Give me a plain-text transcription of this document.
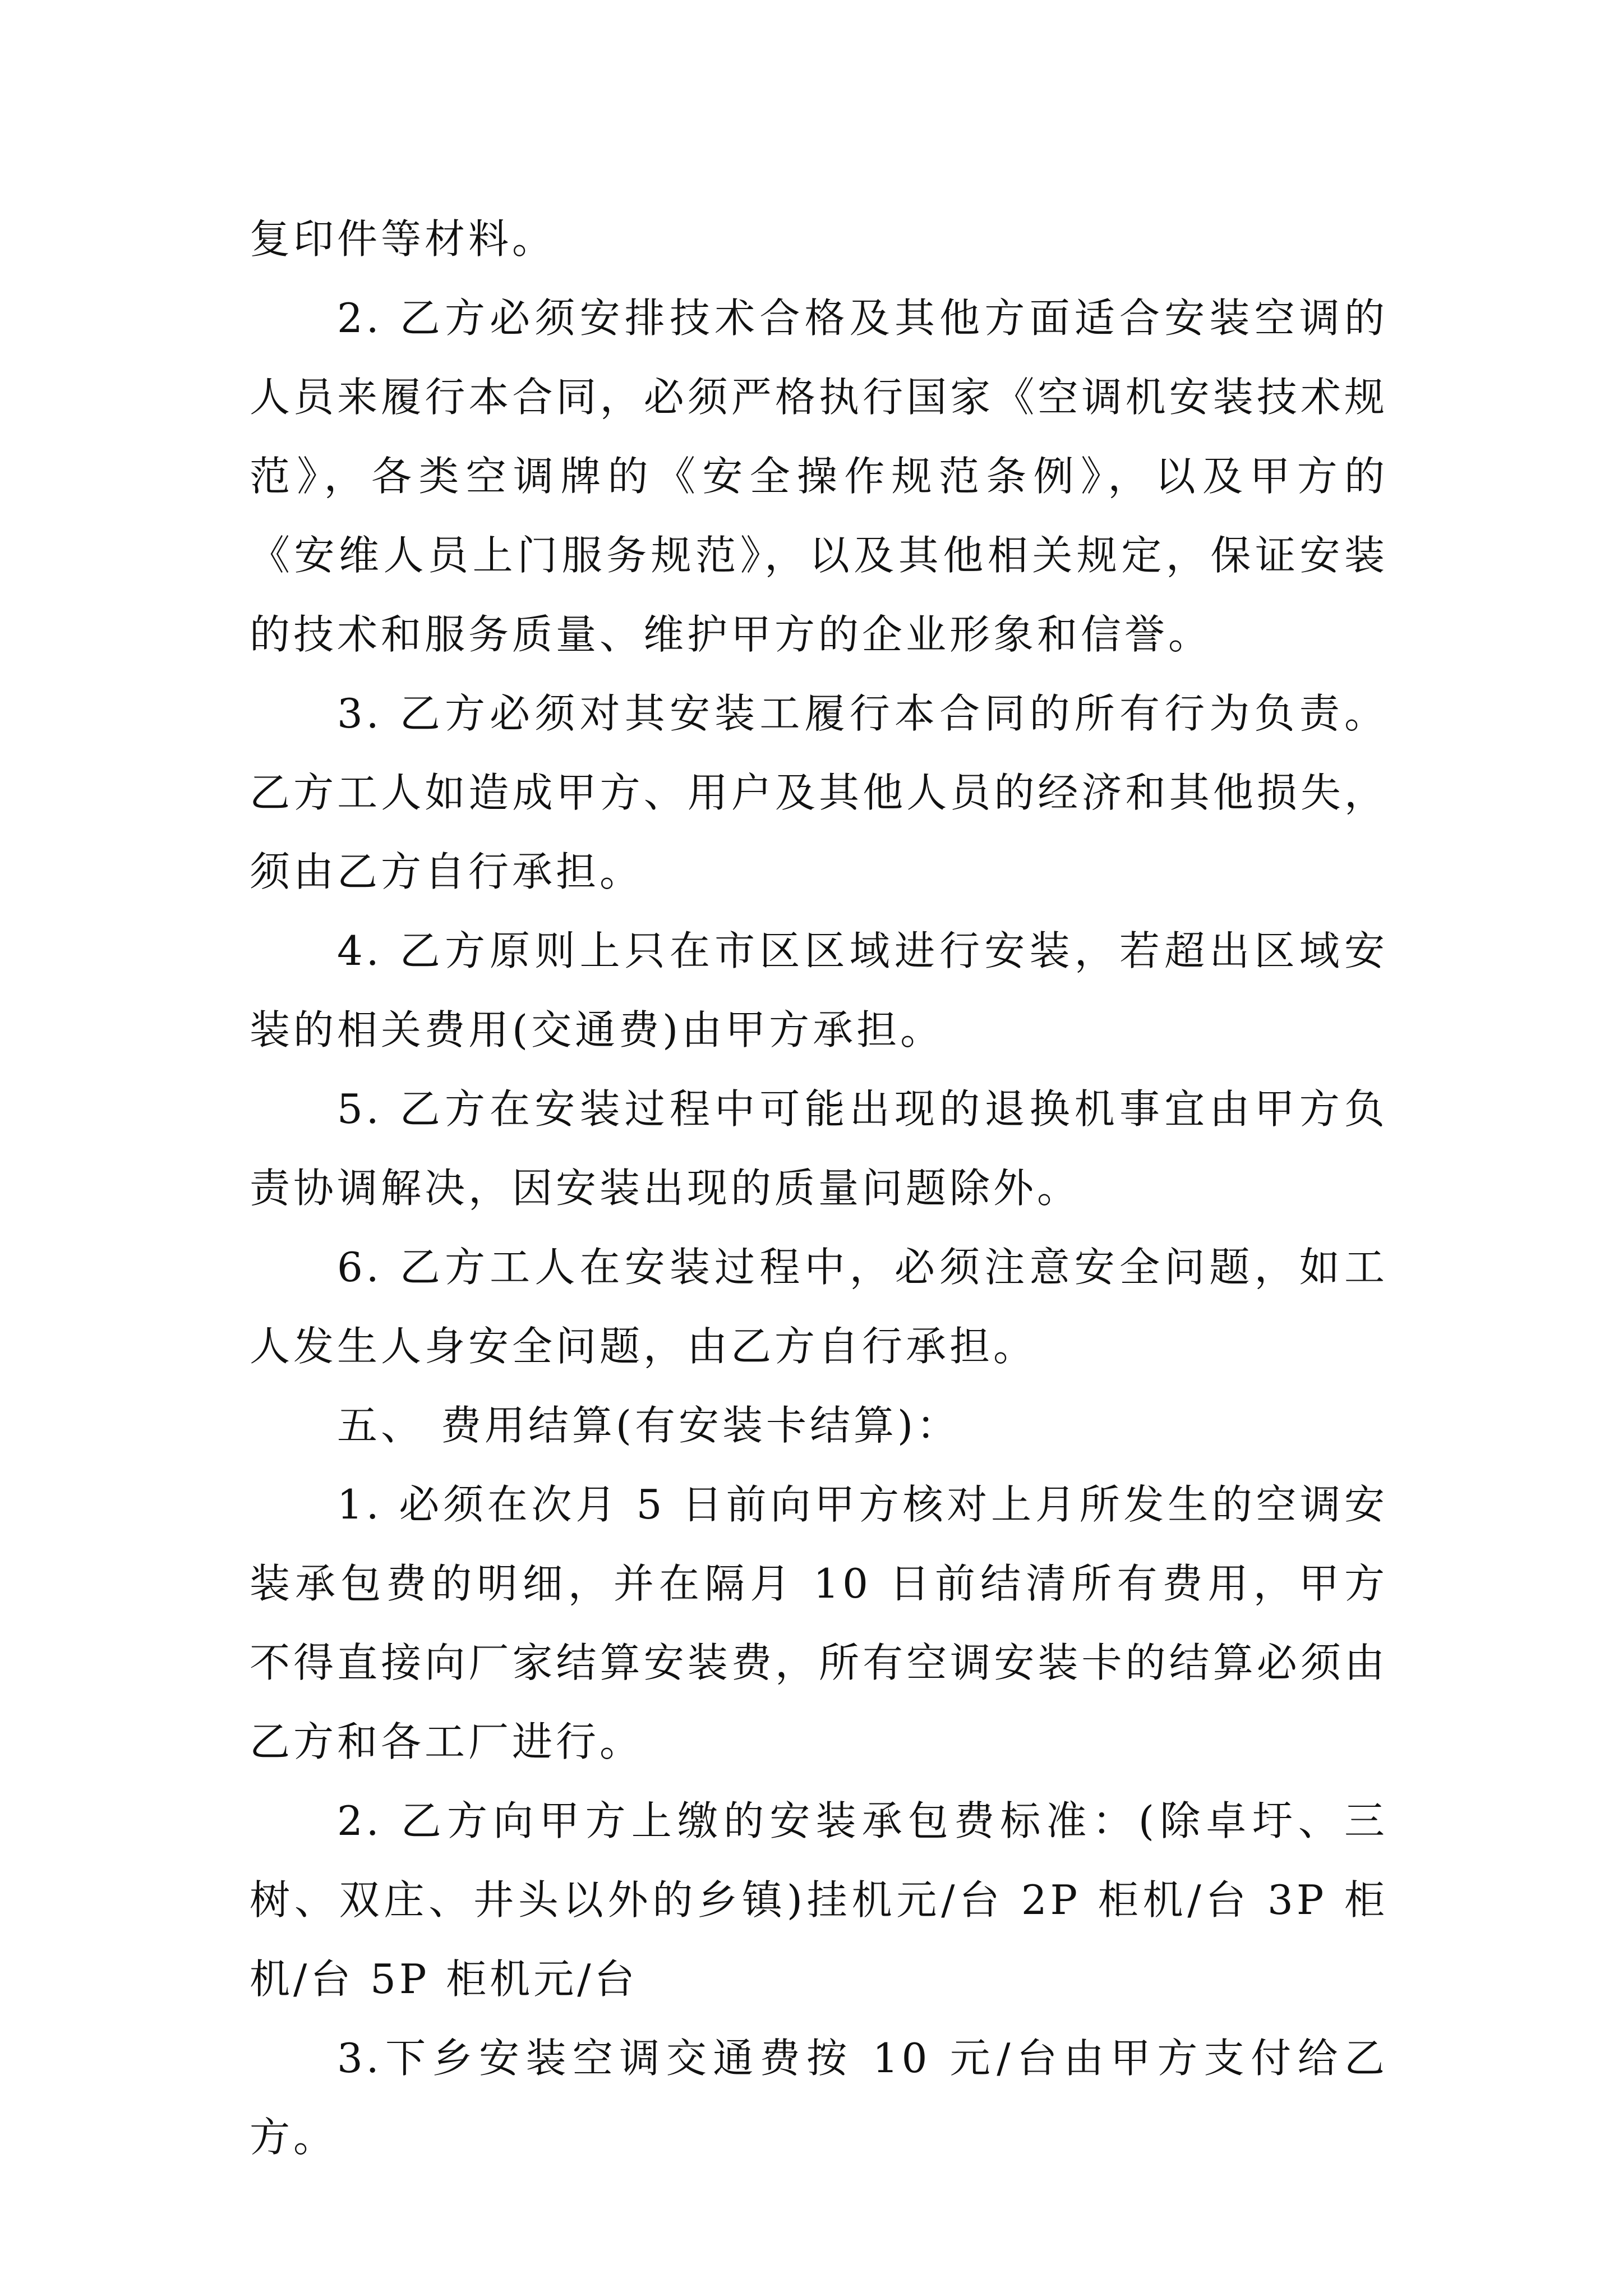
复印件等材料。

2. 乙方必须安排技术合格及其他方面适合安装空调的人员来履行本合同，必须严格执行国家《空调机安装技术规范》，各类空调牌的《安全操作规范条例》，以及甲方的《安维人员上门服务规范》，以及其他相关规定，保证安装的技术和服务质量、维护甲方的企业形象和信誉。

3. 乙方必须对其安装工履行本合同的所有行为负责。乙方工人如造成甲方、用户及其他人员的经济和其他损失，须由乙方自行承担。

4. 乙方原则上只在市区区域进行安装，若超出区域安装的相关费用(交通费)由甲方承担。

5. 乙方在安装过程中可能出现的退换机事宜由甲方负责协调解决，因安装出现的质量问题除外。

6. 乙方工人在安装过程中，必须注意安全问题，如工人发生人身安全问题，由乙方自行承担。

五、 费用结算(有安装卡结算)：

1. 必须在次月 5 日前向甲方核对上月所发生的空调安装承包费的明细，并在隔月 10 日前结清所有费用，甲方不得直接向厂家结算安装费，所有空调安装卡的结算必须由乙方和各工厂进行。

2. 乙方向甲方上缴的安装承包费标准：(除卓圩、三树、双庄、井头以外的乡镇)挂机元/台 2P 柜机/台 3P 柜机/台 5P 柜机元/台

3.下乡安装空调交通费按 10 元/台由甲方支付给乙方。
